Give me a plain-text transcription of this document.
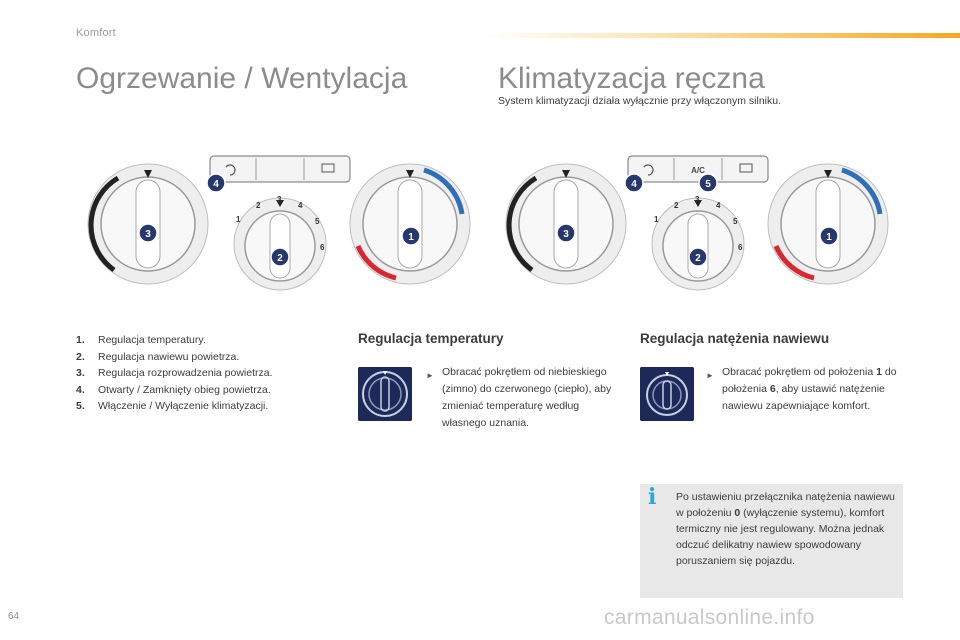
Komfort
Ogrzewanie / Wentylacja	Klimatyzacja ręczna
System klimatyzacji działa wyłącznie przy włączonym silniku.
1
2
3
4
5
6
4
3
2
1
A/C
1
2
3
4
5
6
4	5
3
2
1
1.	Regulacja temperatury.
2.	Regulacja nawiewu powietrza.
3.	Regulacja rozprowadzenia powietrza.
4.	Otwarty / Zamknięty obieg powietrza.
5.	Włączenie / Wyłączenie klimatyzacji.
Regulacja temperatury
► Obracać pokrętłem od niebieskiego (zimno) do czerwonego (ciepło), aby zmieniać temperaturę według własnego uznania.
Regulacja natężenia nawiewu
► Obracać pokrętłem od położenia 1 do położenia 6, aby ustawić natężenie nawiewu zapewniające komfort.
i	Po ustawieniu przełącznika natężenia nawiewu w położeniu 0 (wyłączenie systemu), komfort termiczny nie jest regulowany. Można jednak odczuć delikatny nawiew spowodowany poruszaniem się pojazdu.
64	carmanualsonline.info
